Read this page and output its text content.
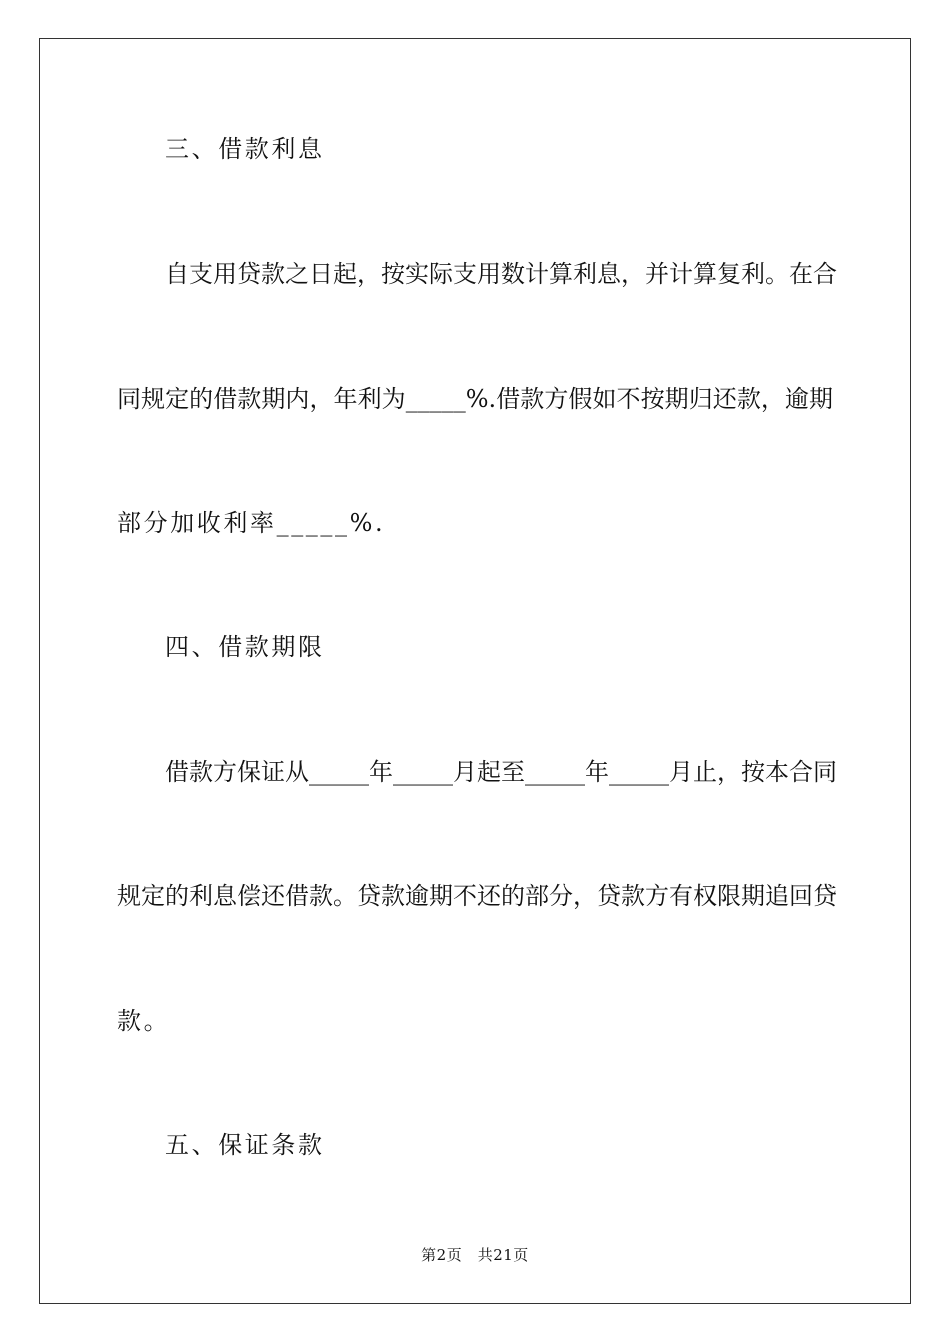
三、借款利息
自支用贷款之日起，按实际支用数计算利息，并计算复利。在合
同规定的借款期内，年利为_____%.借款方假如不按期归还款，逾期
部分加收利率_____%.
四、借款期限
借款方保证从_____年_____月起至_____年_____月止，按本合同
规定的利息偿还借款。贷款逾期不还的部分，贷款方有权限期追回贷
款。
五、保证条款
第2页　共21页
